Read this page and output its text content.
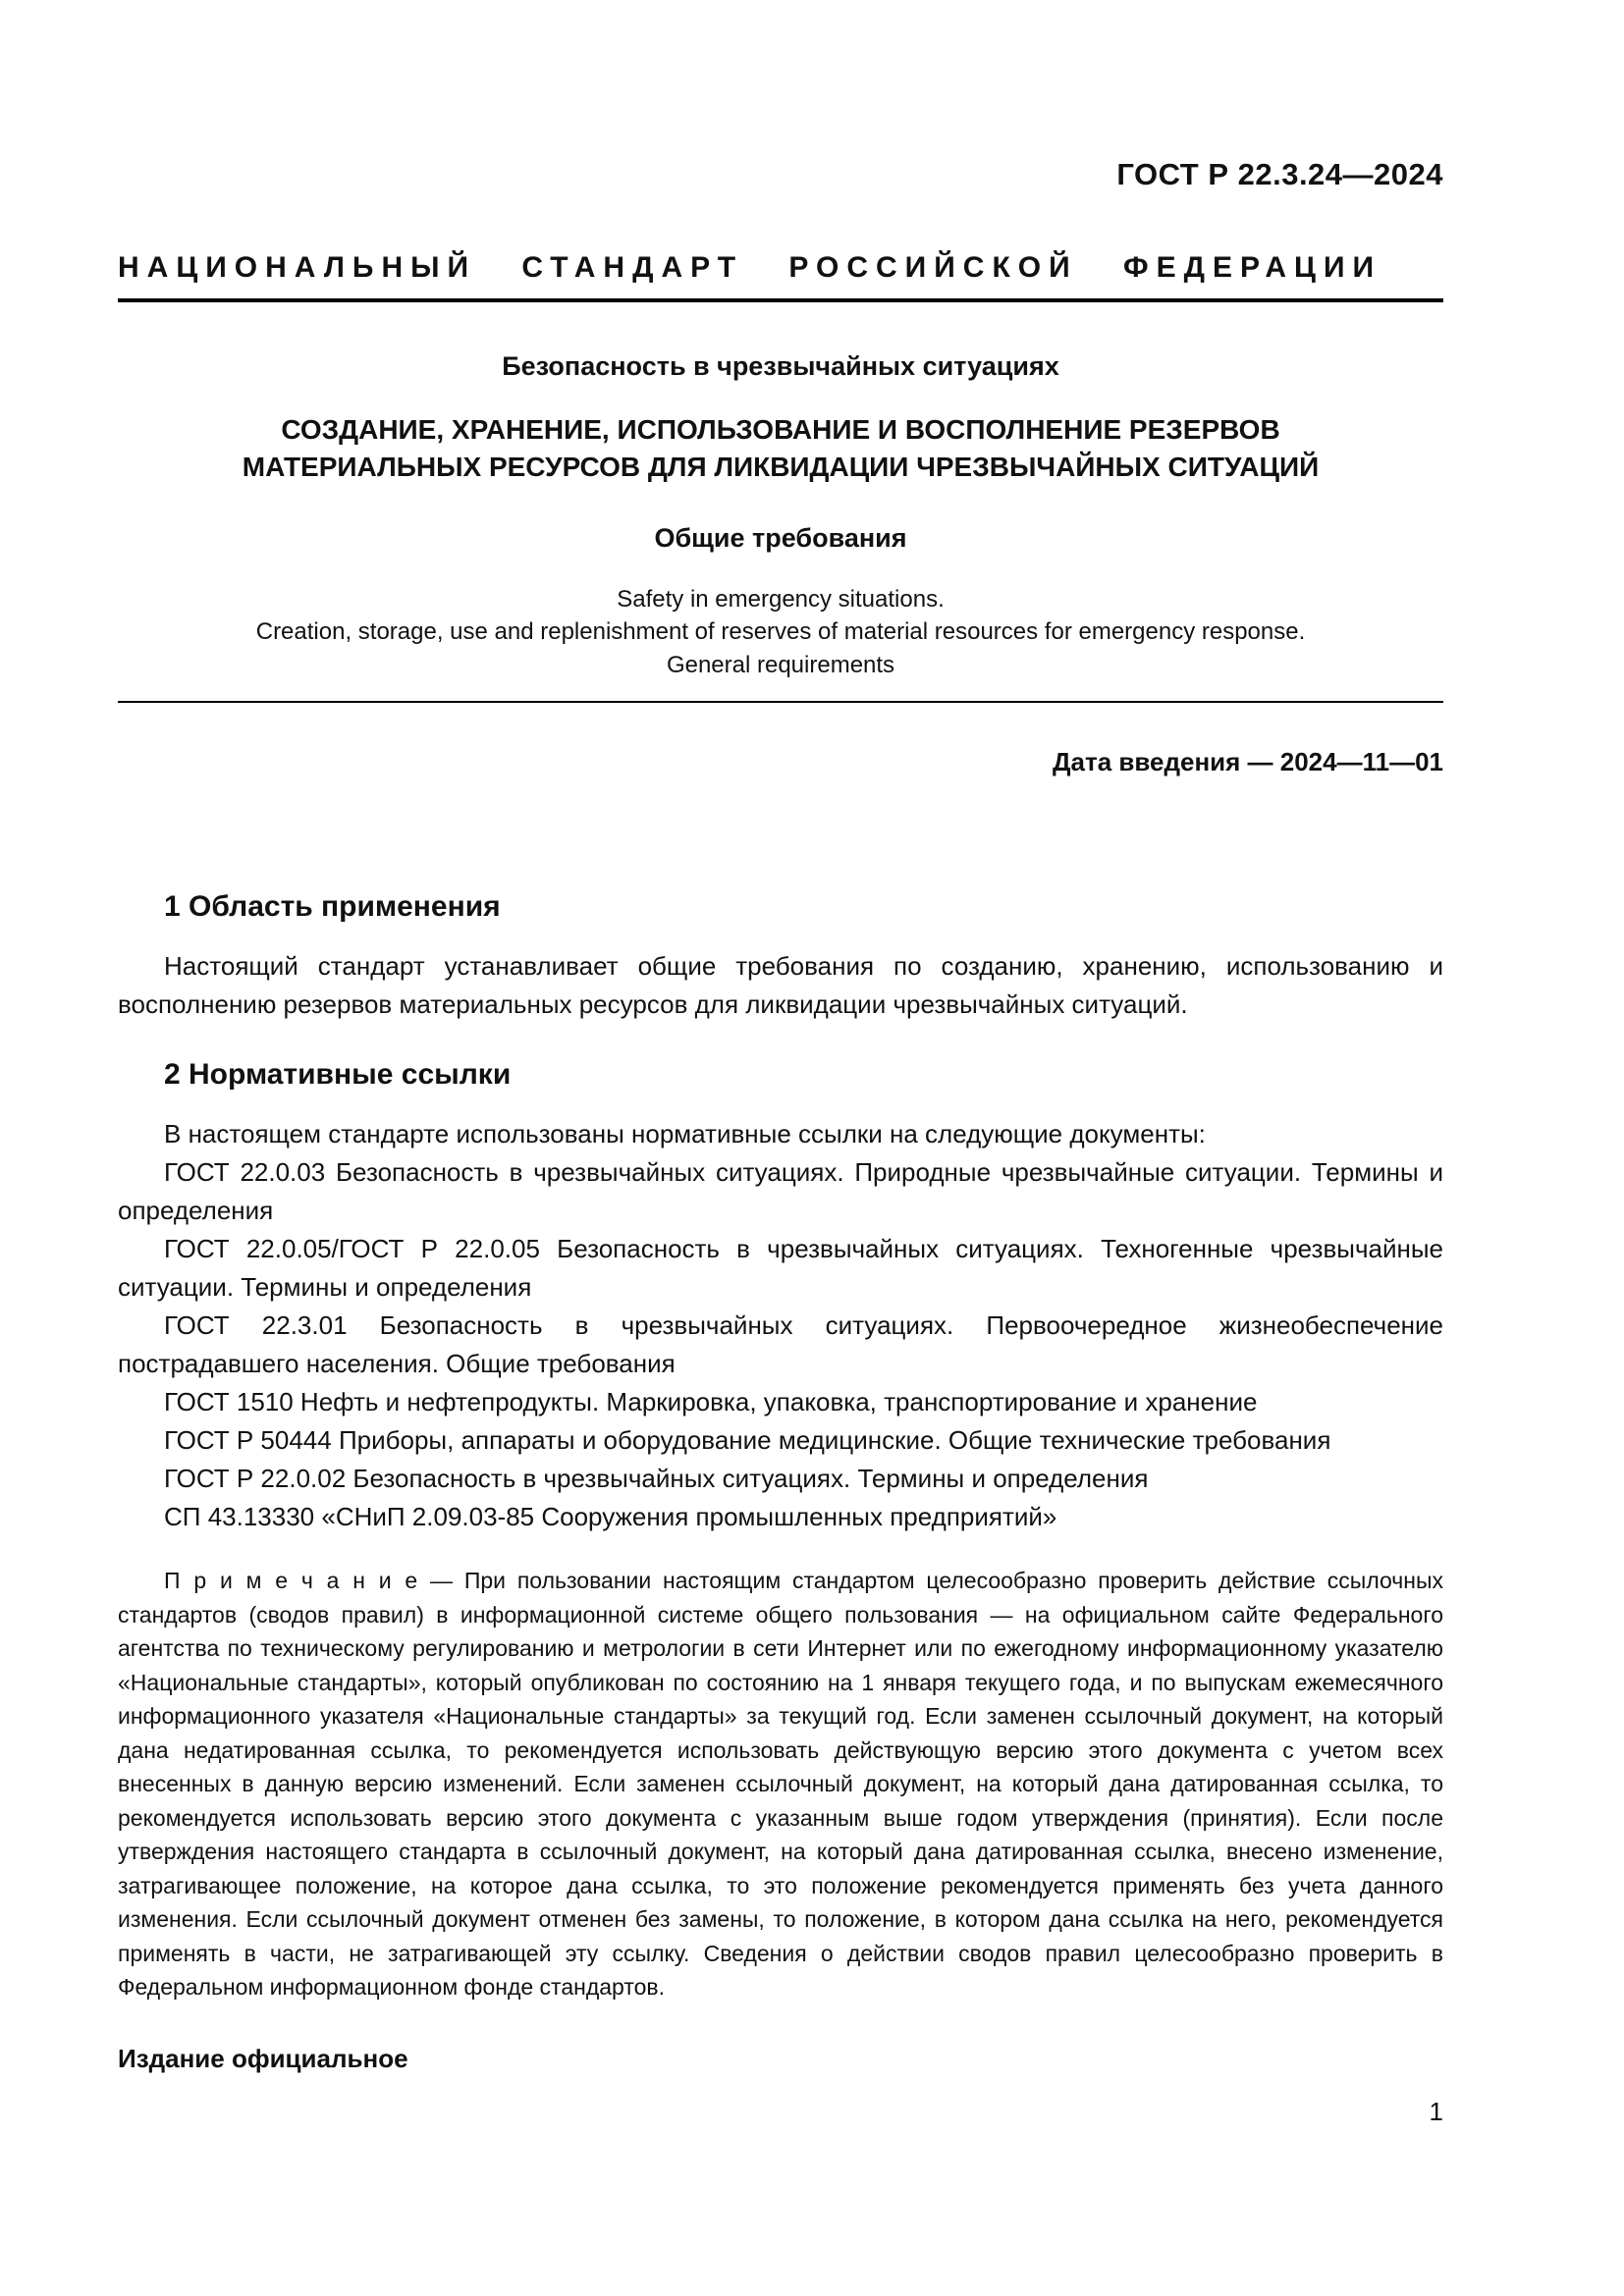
ГОСТ Р 22.3.24—2024
НАЦИОНАЛЬНЫЙ СТАНДАРТ РОССИЙСКОЙ ФЕДЕРАЦИИ
Безопасность в чрезвычайных ситуациях
СОЗДАНИЕ, ХРАНЕНИЕ, ИСПОЛЬЗОВАНИЕ И ВОСПОЛНЕНИЕ РЕЗЕРВОВ
МАТЕРИАЛЬНЫХ РЕСУРСОВ ДЛЯ ЛИКВИДАЦИИ ЧРЕЗВЫЧАЙНЫХ СИТУАЦИЙ
Общие требования
Safety in emergency situations.
Creation, storage, use and replenishment of reserves of material resources for emergency response.
General requirements
Дата введения — 2024—11—01
1 Область применения

Настоящий стандарт устанавливает общие требования по созданию, хранению, использованию и восполнению резервов материальных ресурсов для ликвидации чрезвычайных ситуаций.

2 Нормативные ссылки

В настоящем стандарте использованы нормативные ссылки на следующие документы:

ГОСТ 22.0.03 Безопасность в чрезвычайных ситуациях. Природные чрезвычайные ситуации. Термины и определения

ГОСТ 22.0.05/ГОСТ Р 22.0.05 Безопасность в чрезвычайных ситуациях. Техногенные чрезвычайные ситуации. Термины и определения

ГОСТ 22.3.01 Безопасность в чрезвычайных ситуациях. Первоочередное жизнеобеспечение пострадавшего населения. Общие требования

ГОСТ 1510 Нефть и нефтепродукты. Маркировка, упаковка, транспортирование и хранение

ГОСТ Р 50444 Приборы, аппараты и оборудование медицинские. Общие технические требования

ГОСТ Р 22.0.02 Безопасность в чрезвычайных ситуациях. Термины и определения

СП 43.13330 «СНиП 2.09.03-85 Сооружения промышленных предприятий»

П р и м е ч а н и е — При пользовании настоящим стандартом целесообразно проверить действие ссылочных стандартов (сводов правил) в информационной системе общего пользования — на официальном сайте Федерального агентства по техническому регулированию и метрологии в сети Интернет или по ежегодному информационному указателю «Национальные стандарты», который опубликован по состоянию на 1 января текущего года, и по выпускам ежемесячного информационного указателя «Национальные стандарты» за текущий год. Если заменен ссылочный документ, на который дана недатированная ссылка, то рекомендуется использовать действующую версию этого документа с учетом всех внесенных в данную версию изменений. Если заменен ссылочный документ, на который дана датированная ссылка, то рекомендуется использовать версию этого документа с указанным выше годом утверждения (принятия). Если после утверждения настоящего стандарта в ссылочный документ, на который дана датированная ссылка, внесено изменение, затрагивающее положение, на которое дана ссылка, то это положение рекомендуется применять без учета данного изменения. Если ссылочный документ отменен без замены, то положение, в котором дана ссылка на него, рекомендуется применять в части, не затрагивающей эту ссылку. Сведения о действии сводов правил целесообразно проверить в Федеральном информационном фонде стандартов.

Издание официальное
1
